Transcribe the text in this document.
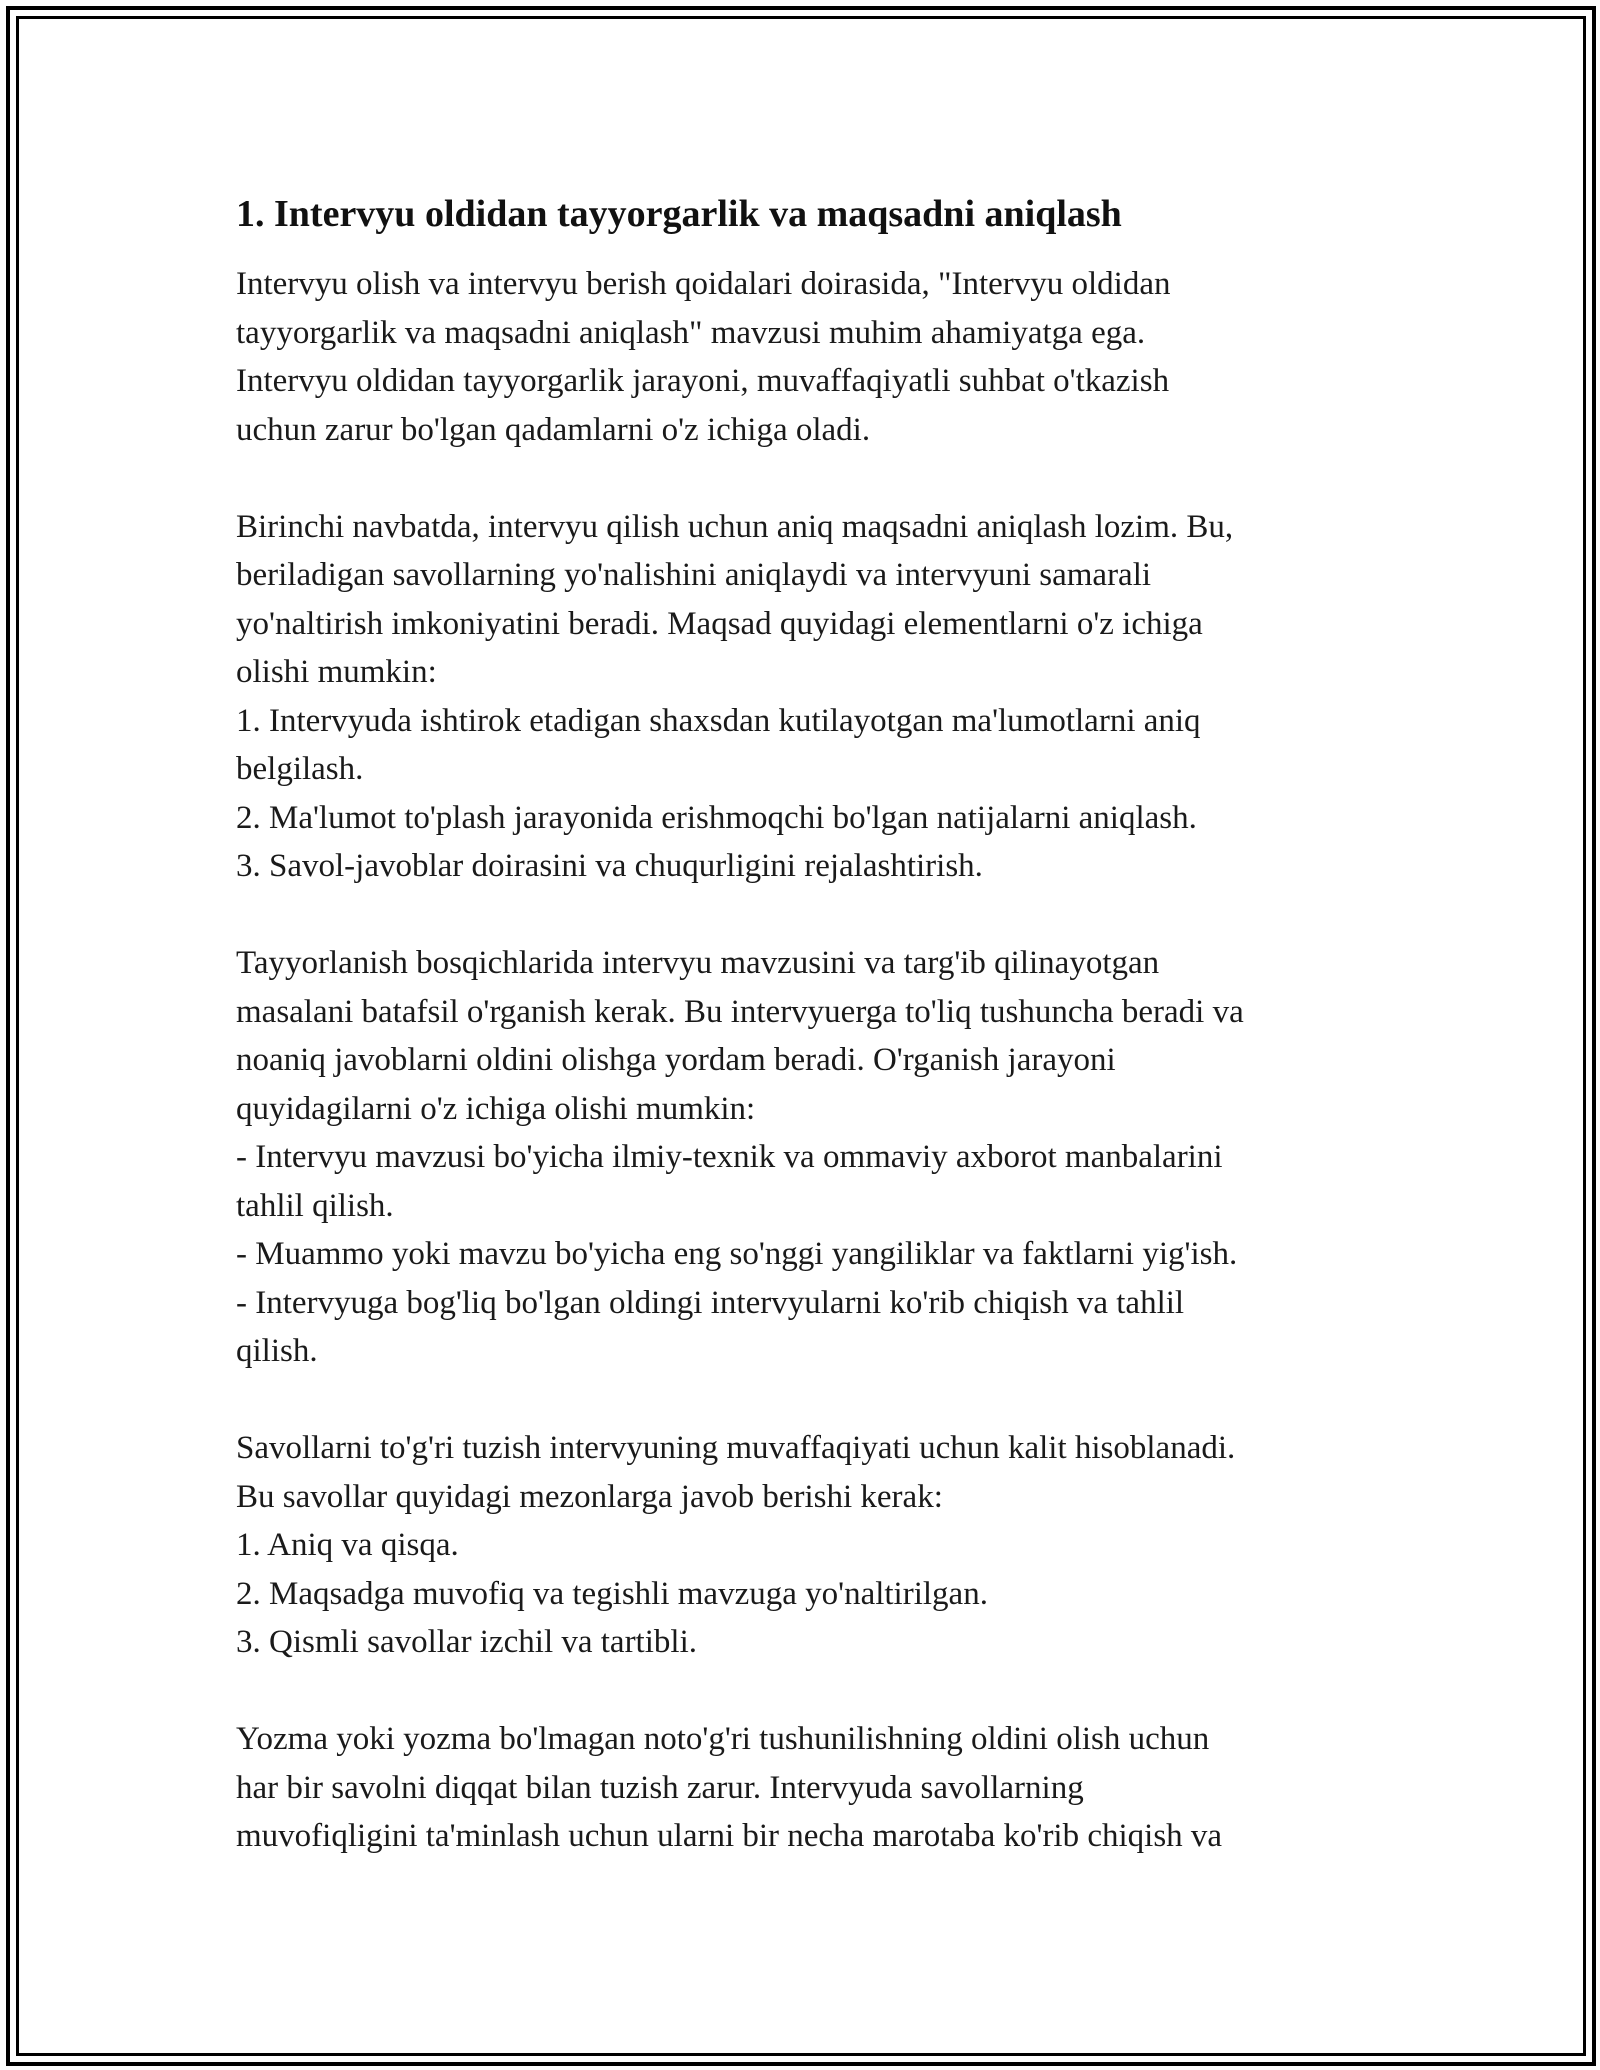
1. Intervyu oldidan tayyorgarlik va maqsadni aniqlash
Intervyu olish va intervyu berish qoidalari doirasida, "Intervyu oldidan
tayyorgarlik va maqsadni aniqlash" mavzusi muhim ahamiyatga ega.
Intervyu oldidan tayyorgarlik jarayoni, muvaffaqiyatli suhbat o'tkazish
uchun zarur bo'lgan qadamlarni o'z ichiga oladi.
Birinchi navbatda, intervyu qilish uchun aniq maqsadni aniqlash lozim. Bu,
beriladigan savollarning yo'nalishini aniqlaydi va intervyuni samarali
yo'naltirish imkoniyatini beradi. Maqsad quyidagi elementlarni o'z ichiga
olishi mumkin:
1. Intervyuda ishtirok etadigan shaxsdan kutilayotgan ma'lumotlarni aniq
belgilash.
2. Ma'lumot to'plash jarayonida erishmoqchi bo'lgan natijalarni aniqlash.
3. Savol-javoblar doirasini va chuqurligini rejalashtirish.
Tayyorlanish bosqichlarida intervyu mavzusini va targ'ib qilinayotgan
masalani batafsil o'rganish kerak. Bu intervyuerga to'liq tushuncha beradi va
noaniq javoblarni oldini olishga yordam beradi. O'rganish jarayoni
quyidagilarni o'z ichiga olishi mumkin:
- Intervyu mavzusi bo'yicha ilmiy-texnik va ommaviy axborot manbalarini
tahlil qilish.
- Muammo yoki mavzu bo'yicha eng so'nggi yangiliklar va faktlarni yig'ish.
- Intervyuga bog'liq bo'lgan oldingi intervyularni ko'rib chiqish va tahlil
qilish.
Savollarni to'g'ri tuzish intervyuning muvaffaqiyati uchun kalit hisoblanadi.
Bu savollar quyidagi mezonlarga javob berishi kerak:
1. Aniq va qisqa.
2. Maqsadga muvofiq va tegishli mavzuga yo'naltirilgan.
3. Qismli savollar izchil va tartibli.
Yozma yoki yozma bo'lmagan noto'g'ri tushunilishning oldini olish uchun
har bir savolni diqqat bilan tuzish zarur. Intervyuda savollarning
muvofiqligini ta'minlash uchun ularni bir necha marotaba ko'rib chiqish va
